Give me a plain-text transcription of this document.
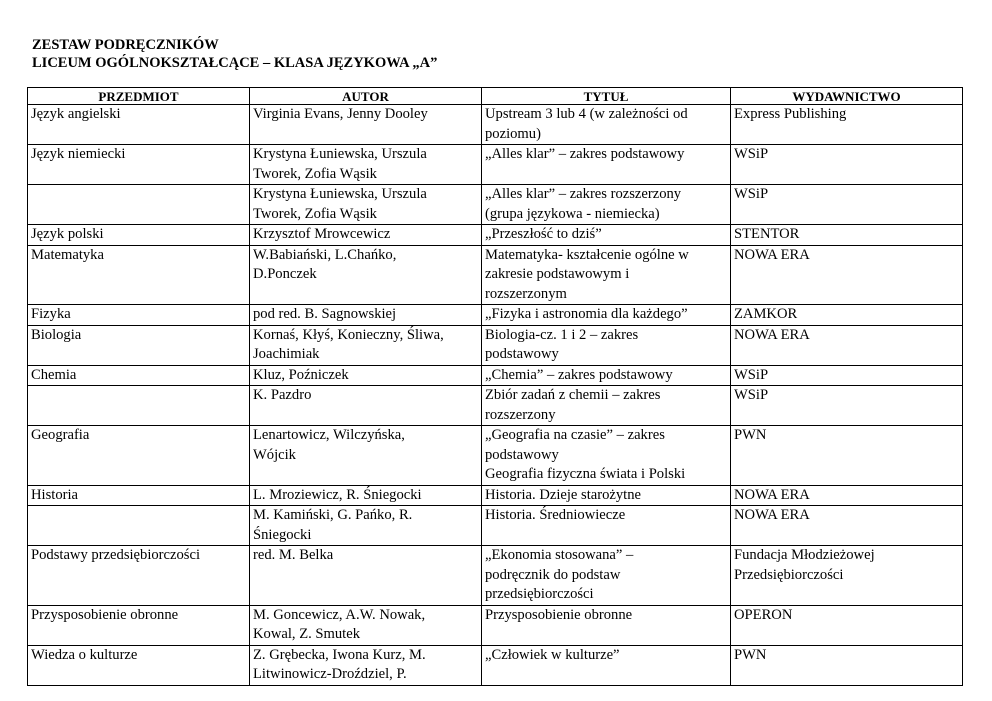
ZESTAW PODRĘCZNIKÓW
LICEUM OGÓLNOKSZTAŁCĄCE – KLASA JĘZYKOWA „A”
PRZEDMIOT	AUTOR	TYTUŁ	WYDAWNICTWO

Język angielski	Virginia Evans, Jenny Dooley	Upstream 3 lub 4 (w zależności od
poziomu)	Express Publishing

Język niemiecki	Krystyna Łuniewska, Urszula
Tworek, Zofia Wąsik	„Alles klar” – zakres podstawowy	WSiP

	Krystyna Łuniewska, Urszula
Tworek, Zofia Wąsik	„Alles klar” – zakres rozszerzony
(grupa językowa - niemiecka)	WSiP

Język polski	Krzysztof Mrowcewicz	„Przeszłość to dziś”	STENTOR

Matematyka	W.Babiański, L.Chańko,
D.Ponczek	Matematyka- kształcenie ogólne w
zakresie podstawowym i
rozszerzonym	NOWA ERA

Fizyka	pod red. B. Sagnowskiej	„Fizyka i astronomia dla każdego”	ZAMKOR

Biologia	Kornaś, Kłyś, Konieczny, Śliwa,
Joachimiak	Biologia-cz. 1 i 2 – zakres
podstawowy	NOWA ERA

Chemia	Kluz, Poźniczek	„Chemia” – zakres podstawowy	WSiP

	K. Pazdro	Zbiór zadań z chemii – zakres
rozszerzony	WSiP

Geografia	Lenartowicz, Wilczyńska,
Wójcik	„Geografia na czasie” – zakres
podstawowy
Geografia fizyczna świata i Polski	PWN

Historia	L. Mroziewicz, R. Śniegocki	Historia. Dzieje starożytne	NOWA ERA

	M. Kamiński, G. Pańko, R.
Śniegocki	Historia. Średniowiecze	NOWA ERA

Podstawy przedsiębiorczości	red. M. Belka	„Ekonomia stosowana” –
podręcznik do podstaw
przedsiębiorczości	Fundacja Młodzieżowej
Przedsiębiorczości

Przysposobienie obronne	M. Goncewicz, A.W. Nowak,
Kowal, Z. Smutek	Przysposobienie obronne	OPERON

Wiedza o kulturze	Z. Grębecka, Iwona Kurz, M.
Litwinowicz-Droździel, P.	„Człowiek w kulturze”	PWN
